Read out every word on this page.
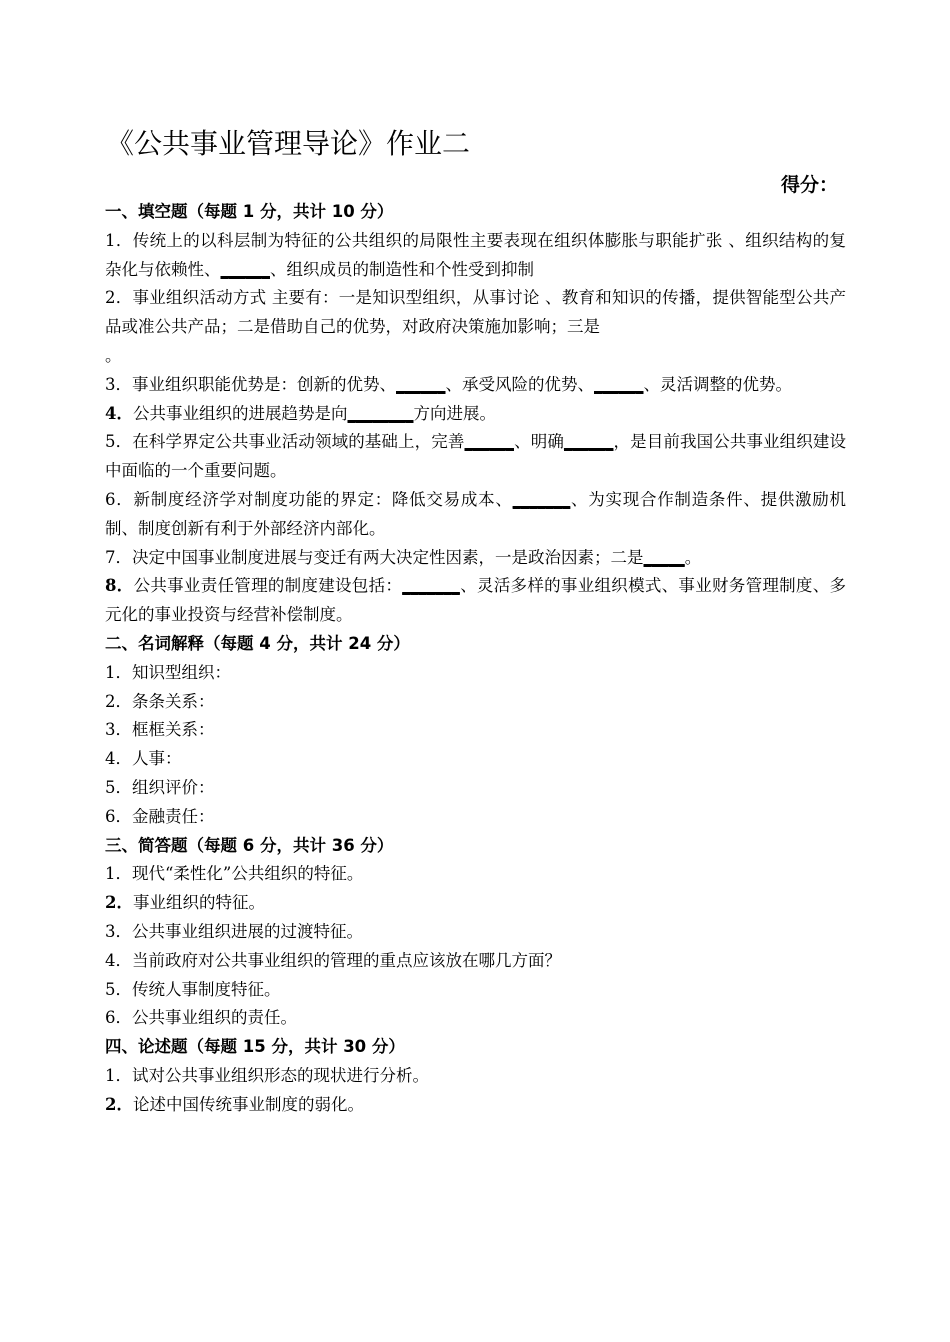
《公共事业管理导论》作业二
得分：

一、填空题（每题 1 分，共计 10 分）

1．传统上的以科层制为特征的公共组织的局限性主要表现在组织体膨胀与职能扩张 、组织结构的复杂化与依赖性、______、组织成员的制造性和个性受到抑制

2．事业组织活动方式 主要有：一是知识型组织，从事讨论 、教育和知识的传播，提供智能型公共产品或准公共产品；二是借助自己的优势，对政府决策施加影响；三是
。

3．事业组织职能优势是：创新的优势、______、承受风险的优势、______、灵活调整的优势。

4．公共事业组织的进展趋势是向________方向进展。

5．在科学界定公共事业活动领域的基础上，完善______、明确______，是目前我国公共事业组织建设中面临的一个重要问题。

6．新制度经济学对制度功能的界定：降低交易成本、_______、为实现合作制造条件、提供激励机制、制度创新有利于外部经济内部化。

7．决定中国事业制度进展与变迁有两大决定性因素，一是政治因素；二是_____。

8．公共事业责任管理的制度建设包括：_______、灵活多样的事业组织模式、事业财务管理制度、多元化的事业投资与经营补偿制度。

二、名词解释（每题 4 分，共计 24 分）

1．知识型组织：

2．条条关系：

3．框框关系：

4．人事：

5．组织评价：

6．金融责任：

三、简答题（每题 6 分，共计 36 分）

1．现代“柔性化”公共组织的特征。

2．事业组织的特征。

3．公共事业组织进展的过渡特征。

4．当前政府对公共事业组织的管理的重点应该放在哪几方面？

5．传统人事制度特征。

6．公共事业组织的责任。

四、论述题（每题 15 分，共计 30 分）

1．试对公共事业组织形态的现状进行分析。

2．论述中国传统事业制度的弱化。
